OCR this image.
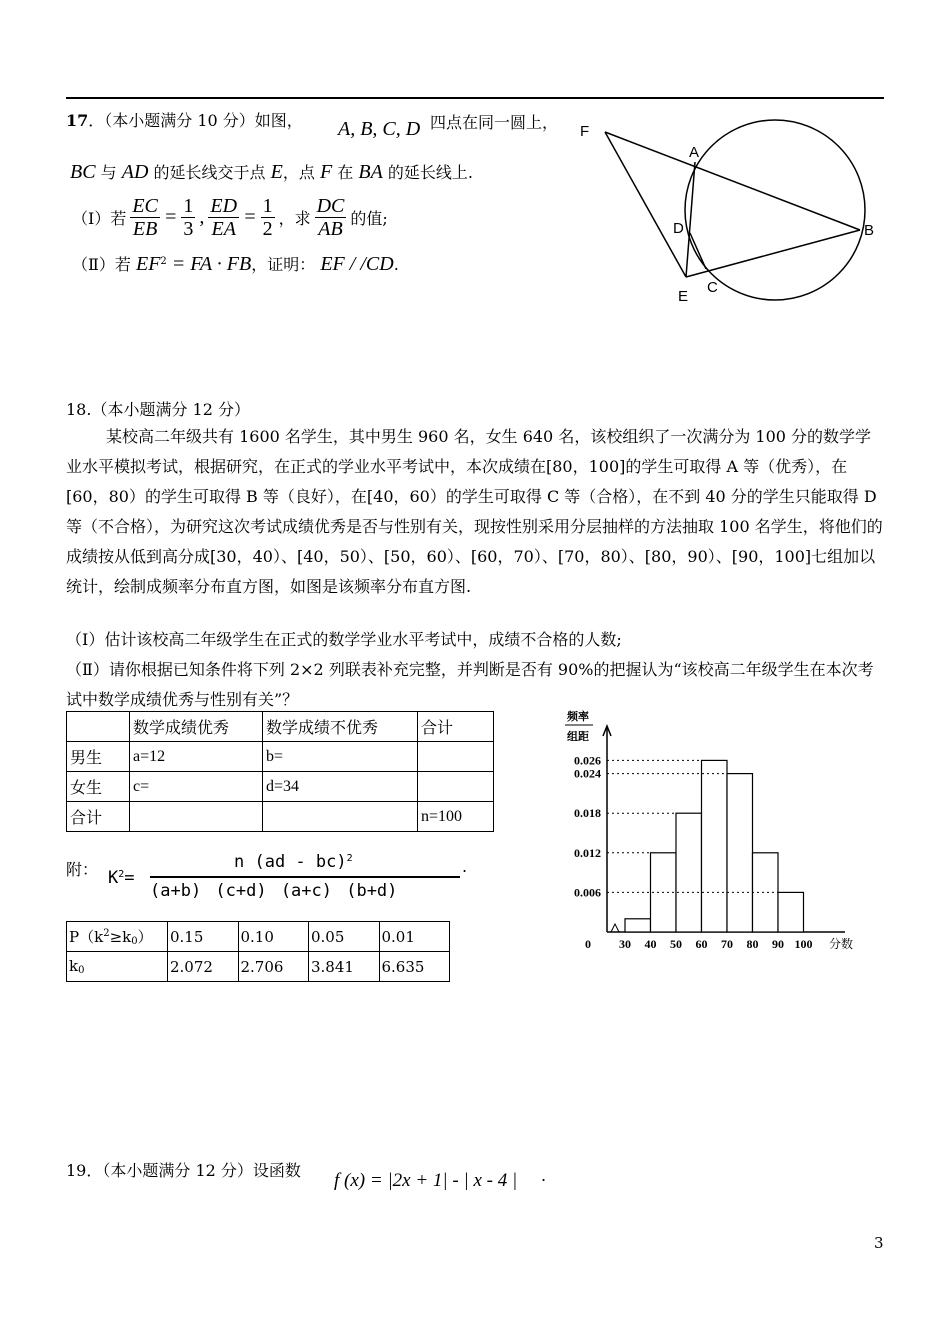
17．（本小题满分 10 分）如图， A, B, C, D 四点在同一圆上，
BC 与 AD 的延长线交于点 E，点 F 在 BA 的延长线上.
（Ⅰ）若 $\frac{EC}{EB} = \frac{1}{3}$ , $\frac{ED}{EA} = \frac{1}{2}$ ，求 $\frac{DC}{AB}$ 的值;
（Ⅱ）若 $EF^2$ = FA · FB，证明： EF / /CD.
F
A
D	B
E
C
18.（本小题满分 12 分）
某校高二年级共有 1600 名学生，其中男生 960 名，女生 640 名，该校组织了一次满分为 100 分的数学学业水平模拟考试，根据研究，在正式的学业水平考试中，本次成绩在[80，100]的学生可取得 A 等（优秀），在[60，80）的学生可取得 B 等（良好），在[40，60）的学生可取得 C 等（合格），在不到 40 分的学生只能取得 D 等（不合格），为研究这次考试成绩优秀是否与性别有关，现按性别采用分层抽样的方法抽取 100 名学生，将他们的成绩按从低到高分成[30，40）、[40，50）、[50，60）、[60，70）、[70，80）、[80，90）、[90，100]七组加以统计，绘制成频率分布直方图，如图是该频率分布直方图.
（Ⅰ）估计该校高二年级学生在正式的数学学业水平考试中，成绩不合格的人数;
（Ⅱ）请你根据已知条件将下列 2×2 列联表补充完整，并判断是否有 90%的把握认为“该校高二年级学生在本次考试中数学成绩优秀与性别有关”？
	数学成绩优秀	数学成绩不优秀	合计
男生	a=12	b=	
女生	c=	d=34	
合计			n=100
附： $K^2=$
n (ad - bc)$^2$
(a+b) (c+d) (a+c) (b+d)
.
$P(k^2\ge k_0)$	0.15	0.10	0.05	0.01
$k_0$	2.072	2.706	3.841	6.635
0.026
0.024
0.018
0.012
0.006
30 40 50 60 70 80 90 100
0	分数
频率
组距
19．（本小题满分 12 分）设函数 f (x) = |2x + 1| - | x - 4 | .
3
